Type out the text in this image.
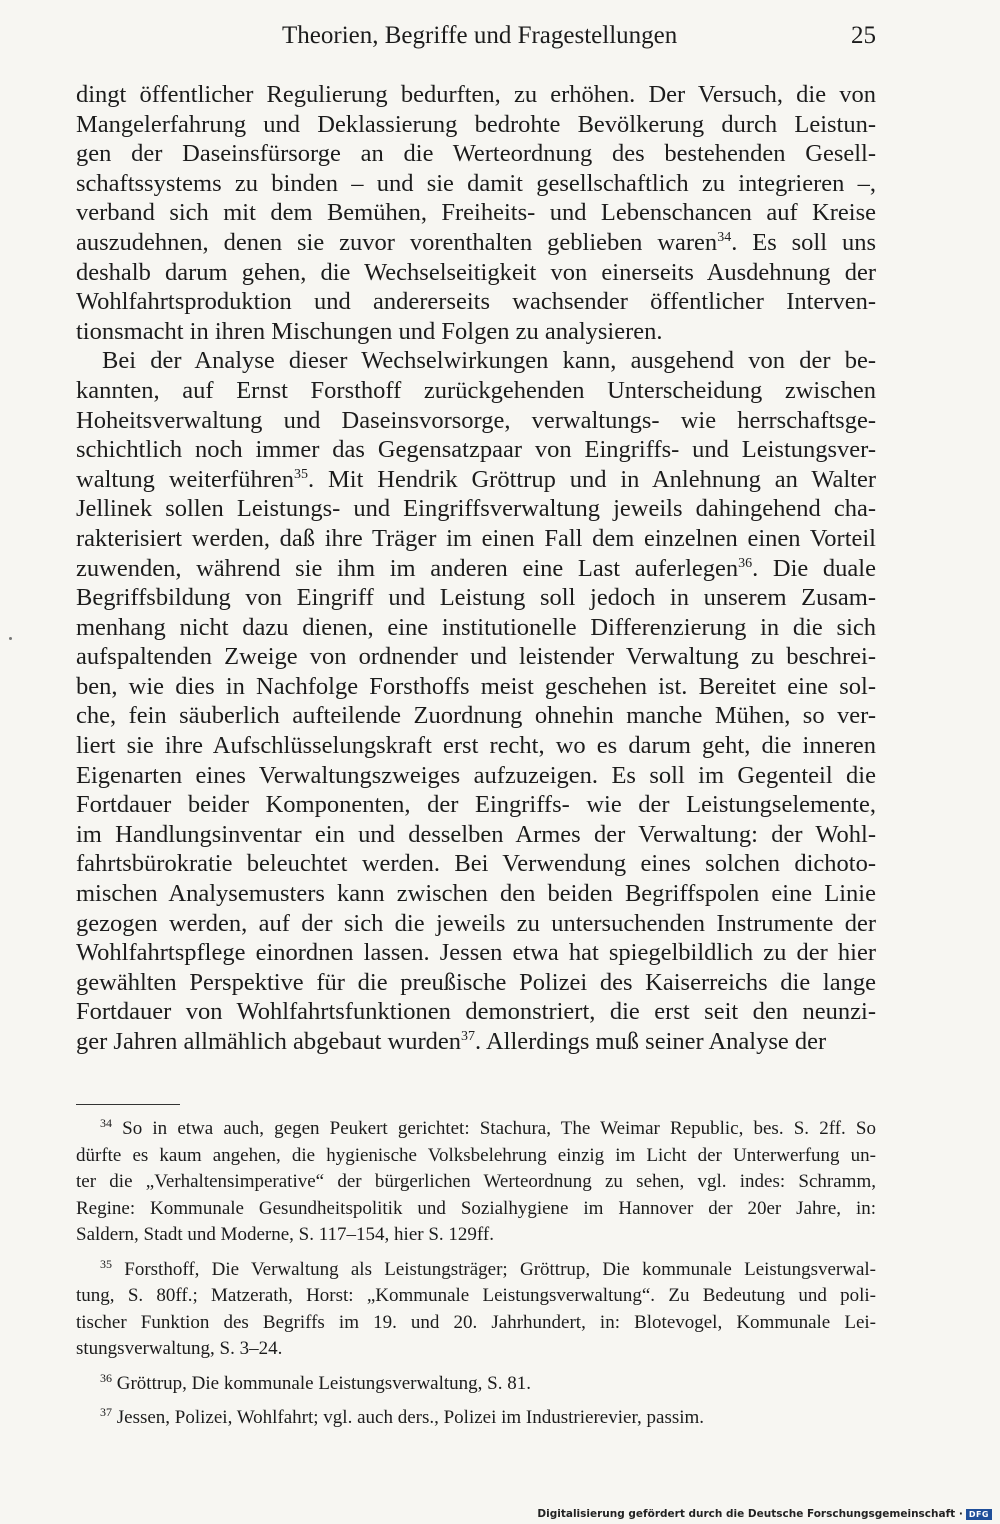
Theorien, Begriffe und Fragestellungen	25
dingt öffentlicher Regulierung bedurften, zu erhöhen. Der Versuch, die von
Mangelerfahrung und Deklassierung bedrohte Bevölkerung durch Leistun-
gen der Daseinsfürsorge an die Werteordnung des bestehenden Gesell-
schaftssystems zu binden – und sie damit gesellschaftlich zu integrieren –,
verband sich mit dem Bemühen, Freiheits- und Lebenschancen auf Kreise
auszudehnen, denen sie zuvor vorenthalten geblieben waren$^{34}$. Es soll uns
deshalb darum gehen, die Wechselseitigkeit von einerseits Ausdehnung der
Wohlfahrtsproduktion und andererseits wachsender öffentlicher Interven-
tionsmacht in ihren Mischungen und Folgen zu analysieren.
Bei der Analyse dieser Wechselwirkungen kann, ausgehend von der be-
kannten, auf Ernst Forsthoff zurückgehenden Unterscheidung zwischen
Hoheitsverwaltung und Daseinsvorsorge, verwaltungs- wie herrschaftsge-
schichtlich noch immer das Gegensatzpaar von Eingriffs- und Leistungsver-
waltung weiterführen$^{35}$. Mit Hendrik Gröttrup und in Anlehnung an Walter
Jellinek sollen Leistungs- und Eingriffsverwaltung jeweils dahingehend cha-
rakterisiert werden, daß ihre Träger im einen Fall dem einzelnen einen Vorteil
zuwenden, während sie ihm im anderen eine Last auferlegen$^{36}$. Die duale
Begriffsbildung von Eingriff und Leistung soll jedoch in unserem Zusam-
menhang nicht dazu dienen, eine institutionelle Differenzierung in die sich
aufspaltenden Zweige von ordnender und leistender Verwaltung zu beschrei-
ben, wie dies in Nachfolge Forsthoffs meist geschehen ist. Bereitet eine sol-
che, fein säuberlich aufteilende Zuordnung ohnehin manche Mühen, so ver-
liert sie ihre Aufschlüsselungskraft erst recht, wo es darum geht, die inneren
Eigenarten eines Verwaltungszweiges aufzuzeigen. Es soll im Gegenteil die
Fortdauer beider Komponenten, der Eingriffs- wie der Leistungselemente,
im Handlungsinventar ein und desselben Armes der Verwaltung: der Wohl-
fahrtsbürokratie beleuchtet werden. Bei Verwendung eines solchen dichoto-
mischen Analysemusters kann zwischen den beiden Begriffspolen eine Linie
gezogen werden, auf der sich die jeweils zu untersuchenden Instrumente der
Wohlfahrtspflege einordnen lassen. Jessen etwa hat spiegelbildlich zu der hier
gewählten Perspektive für die preußische Polizei des Kaiserreichs die lange
Fortdauer von Wohlfahrtsfunktionen demonstriert, die erst seit den neunzi-
ger Jahren allmählich abgebaut wurden$^{37}$. Allerdings muß seiner Analyse der
$^{34}$ So in etwa auch, gegen Peukert gerichtet: Stachura, The Weimar Republic, bes. S. 2ff. So
dürfte es kaum angehen, die hygienische Volksbelehrung einzig im Licht der Unterwerfung un-
ter die „Verhaltensimperative“ der bürgerlichen Werteordnung zu sehen, vgl. indes: Schramm,
Regine: Kommunale Gesundheitspolitik und Sozialhygiene im Hannover der 20er Jahre, in:
Saldern, Stadt und Moderne, S. 117–154, hier S. 129ff.
$^{35}$ Forsthoff, Die Verwaltung als Leistungsträger; Gröttrup, Die kommunale Leistungsverwal-
tung, S. 80ff.; Matzerath, Horst: „Kommunale Leistungsverwaltung“. Zu Bedeutung und poli-
tischer Funktion des Begriffs im 19. und 20. Jahrhundert, in: Blotevogel, Kommunale Lei-
stungsverwaltung, S. 3–24.
$^{36}$ Gröttrup, Die kommunale Leistungsverwaltung, S. 81.
$^{37}$ Jessen, Polizei, Wohlfahrt; vgl. auch ders., Polizei im Industrierevier, passim.
Digitalisierung gefördert durch die Deutsche Forschungsgemeinschaft · DFG
